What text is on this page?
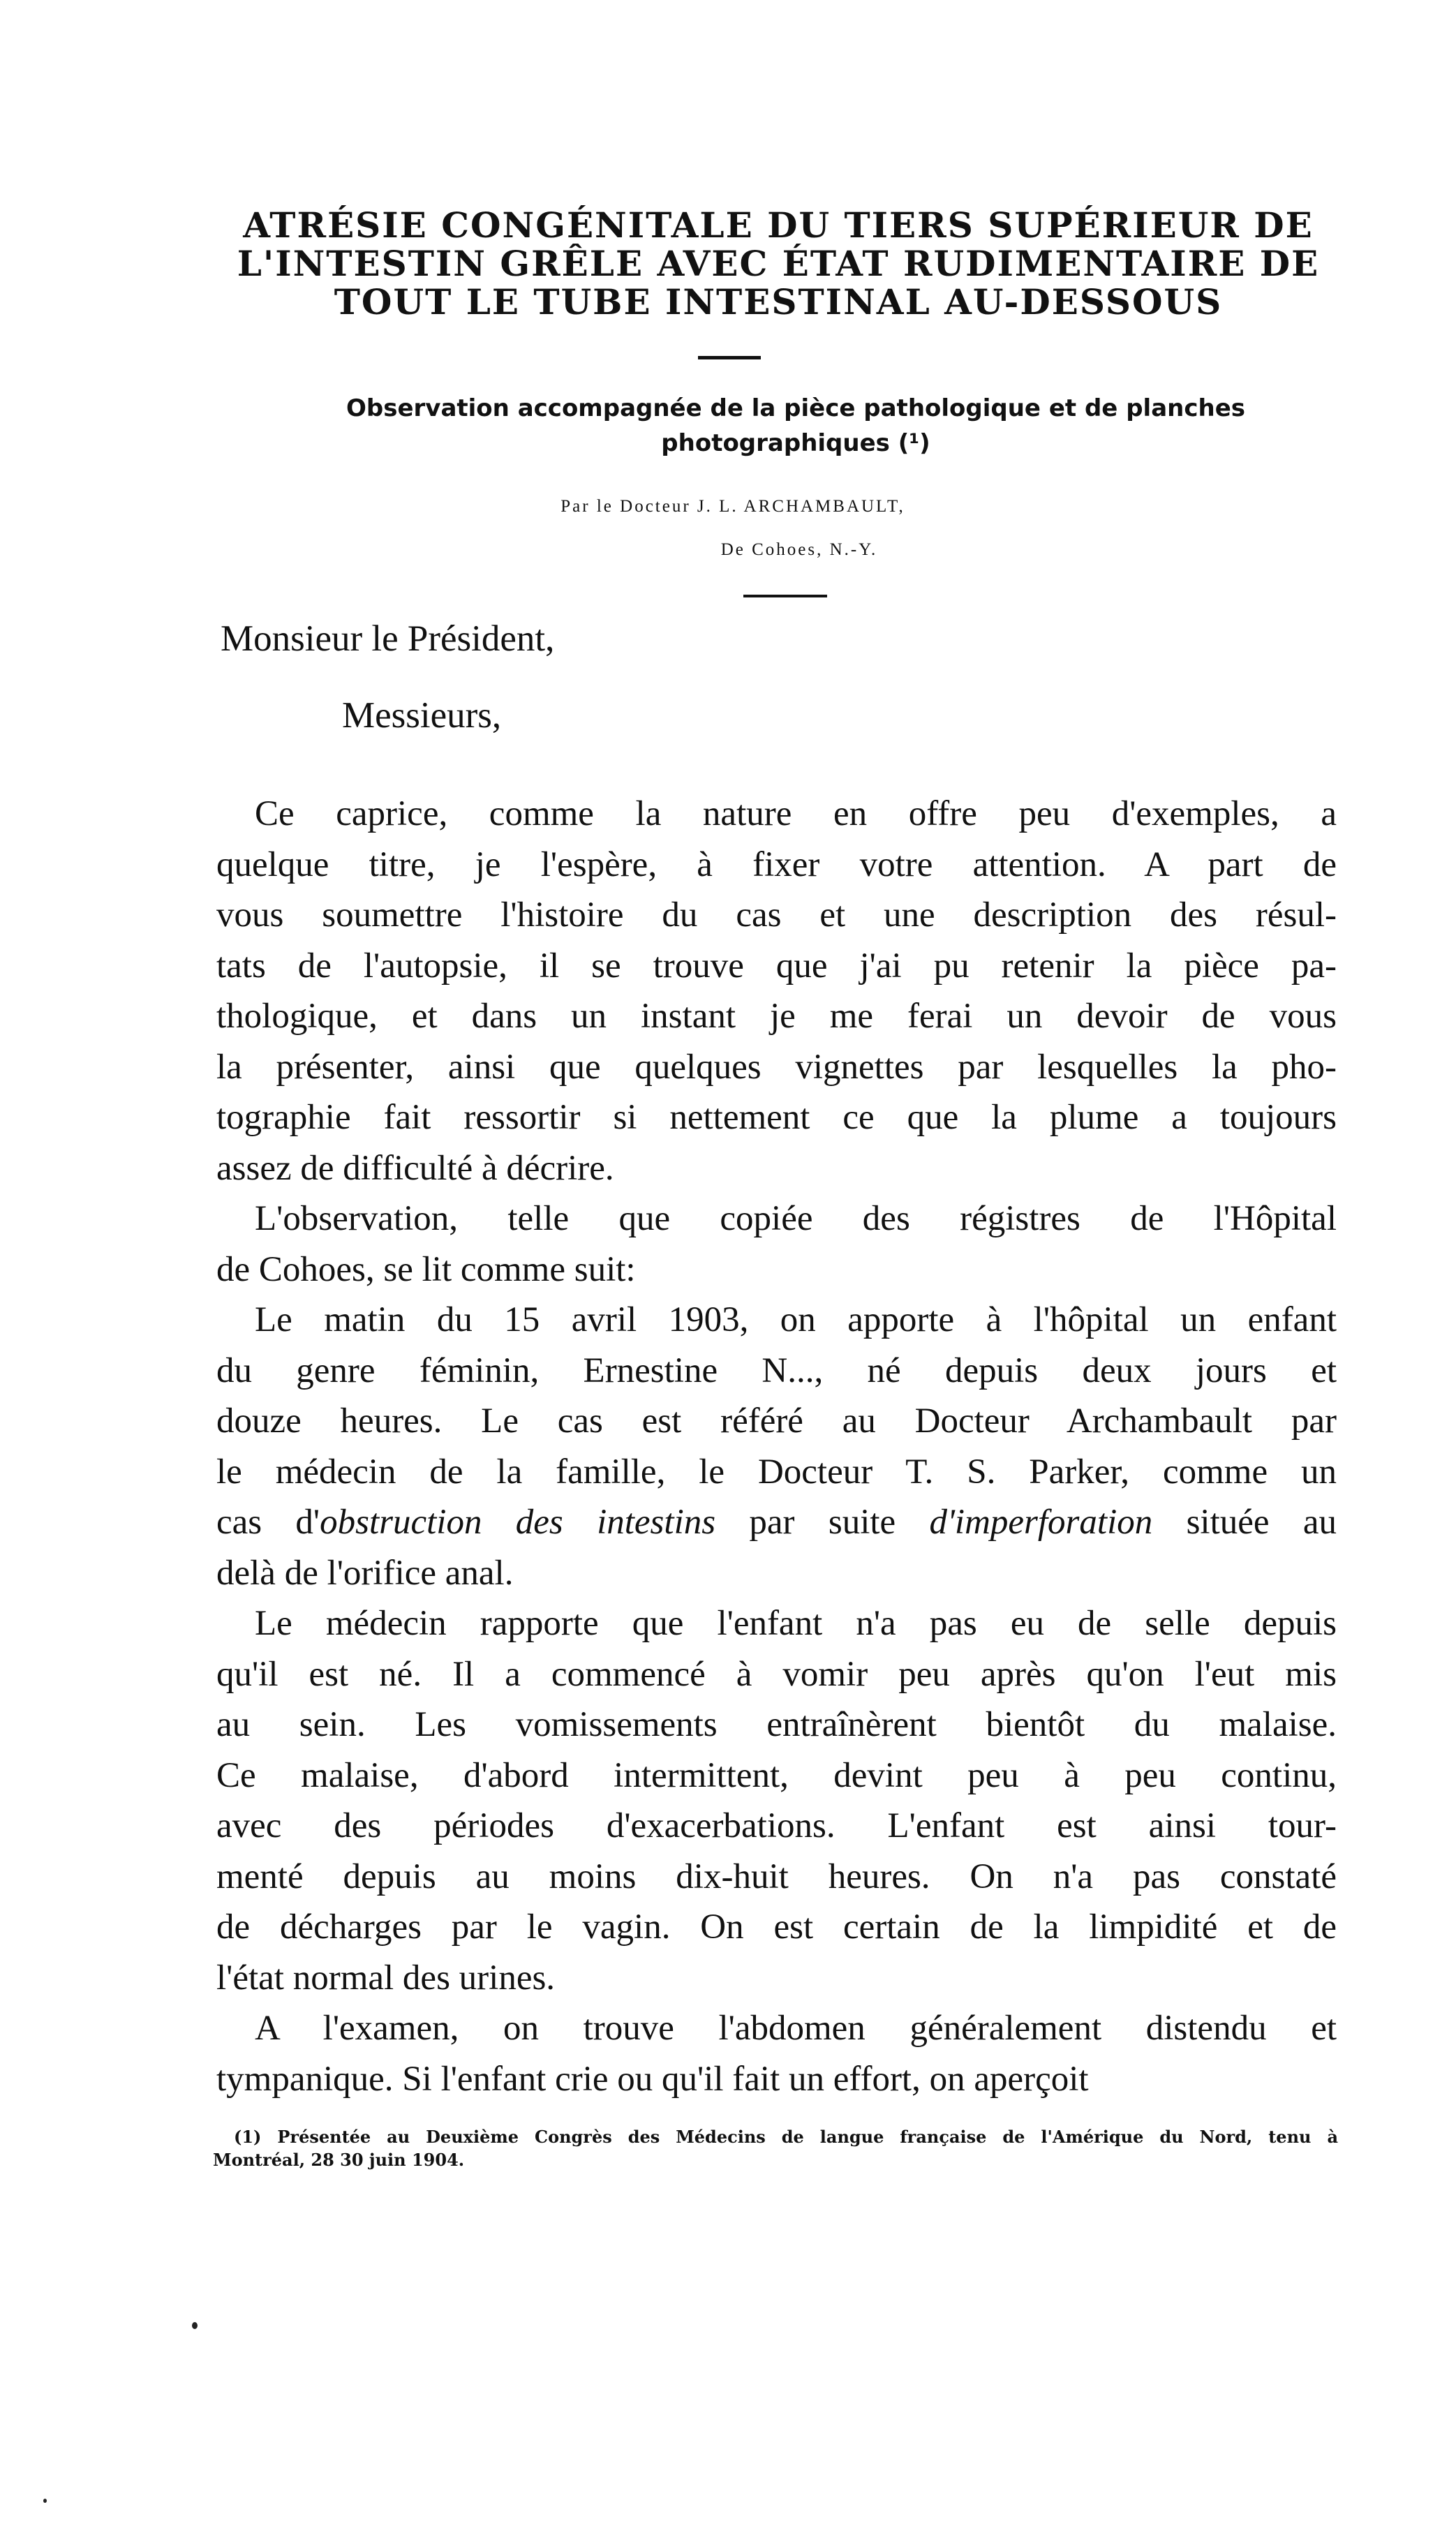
ATRÉSIE CONGÉNITALE DU TIERS SUPÉRIEUR DE
L'INTESTIN GRÊLE AVEC ÉTAT RUDIMENTAIRE DE
TOUT LE TUBE INTESTINAL AU-DESSOUS
Observation accompagnée de la pièce pathologique et de planches
photographiques (¹)
Par le Docteur J. L. ARCHAMBAULT,
De Cohoes, N.-Y.
Monsieur le Président,
Messieurs,
Ce caprice, comme la nature en offre peu d'exemples, a
quelque titre, je l'espère, à fixer votre attention. A part de
vous soumettre l'histoire du cas et une description des résul-
tats de l'autopsie, il se trouve que j'ai pu retenir la pièce pa-
thologique, et dans un instant je me ferai un devoir de vous
la présenter, ainsi que quelques vignettes par lesquelles la pho-
tographie fait ressortir si nettement ce que la plume a toujours
assez de difficulté à décrire.
L'observation, telle que copiée des régistres de l'Hôpital
de Cohoes, se lit comme suit:
Le matin du 15 avril 1903, on apporte à l'hôpital un enfant
du genre féminin, Ernestine N..., né depuis deux jours et
douze heures. Le cas est référé au Docteur Archambault par
le médecin de la famille, le Docteur T. S. Parker, comme un
cas d'obstruction des intestins par suite d'imperforation située au
delà de l'orifice anal.
Le médecin rapporte que l'enfant n'a pas eu de selle depuis
qu'il est né. Il a commencé à vomir peu après qu'on l'eut mis
au sein. Les vomissements entraînèrent bientôt du malaise.
Ce malaise, d'abord intermittent, devint peu à peu continu,
avec des périodes d'exacerbations. L'enfant est ainsi tour-
menté depuis au moins dix-huit heures. On n'a pas constaté
de décharges par le vagin. On est certain de la limpidité et de
l'état normal des urines.
A l'examen, on trouve l'abdomen généralement distendu et
tympanique. Si l'enfant crie ou qu'il fait un effort, on aperçoit
(1) Présentée au Deuxième Congrès des Médecins de langue française de l'Amérique du Nord, tenu à
Montréal, 28 30 juin 1904.
